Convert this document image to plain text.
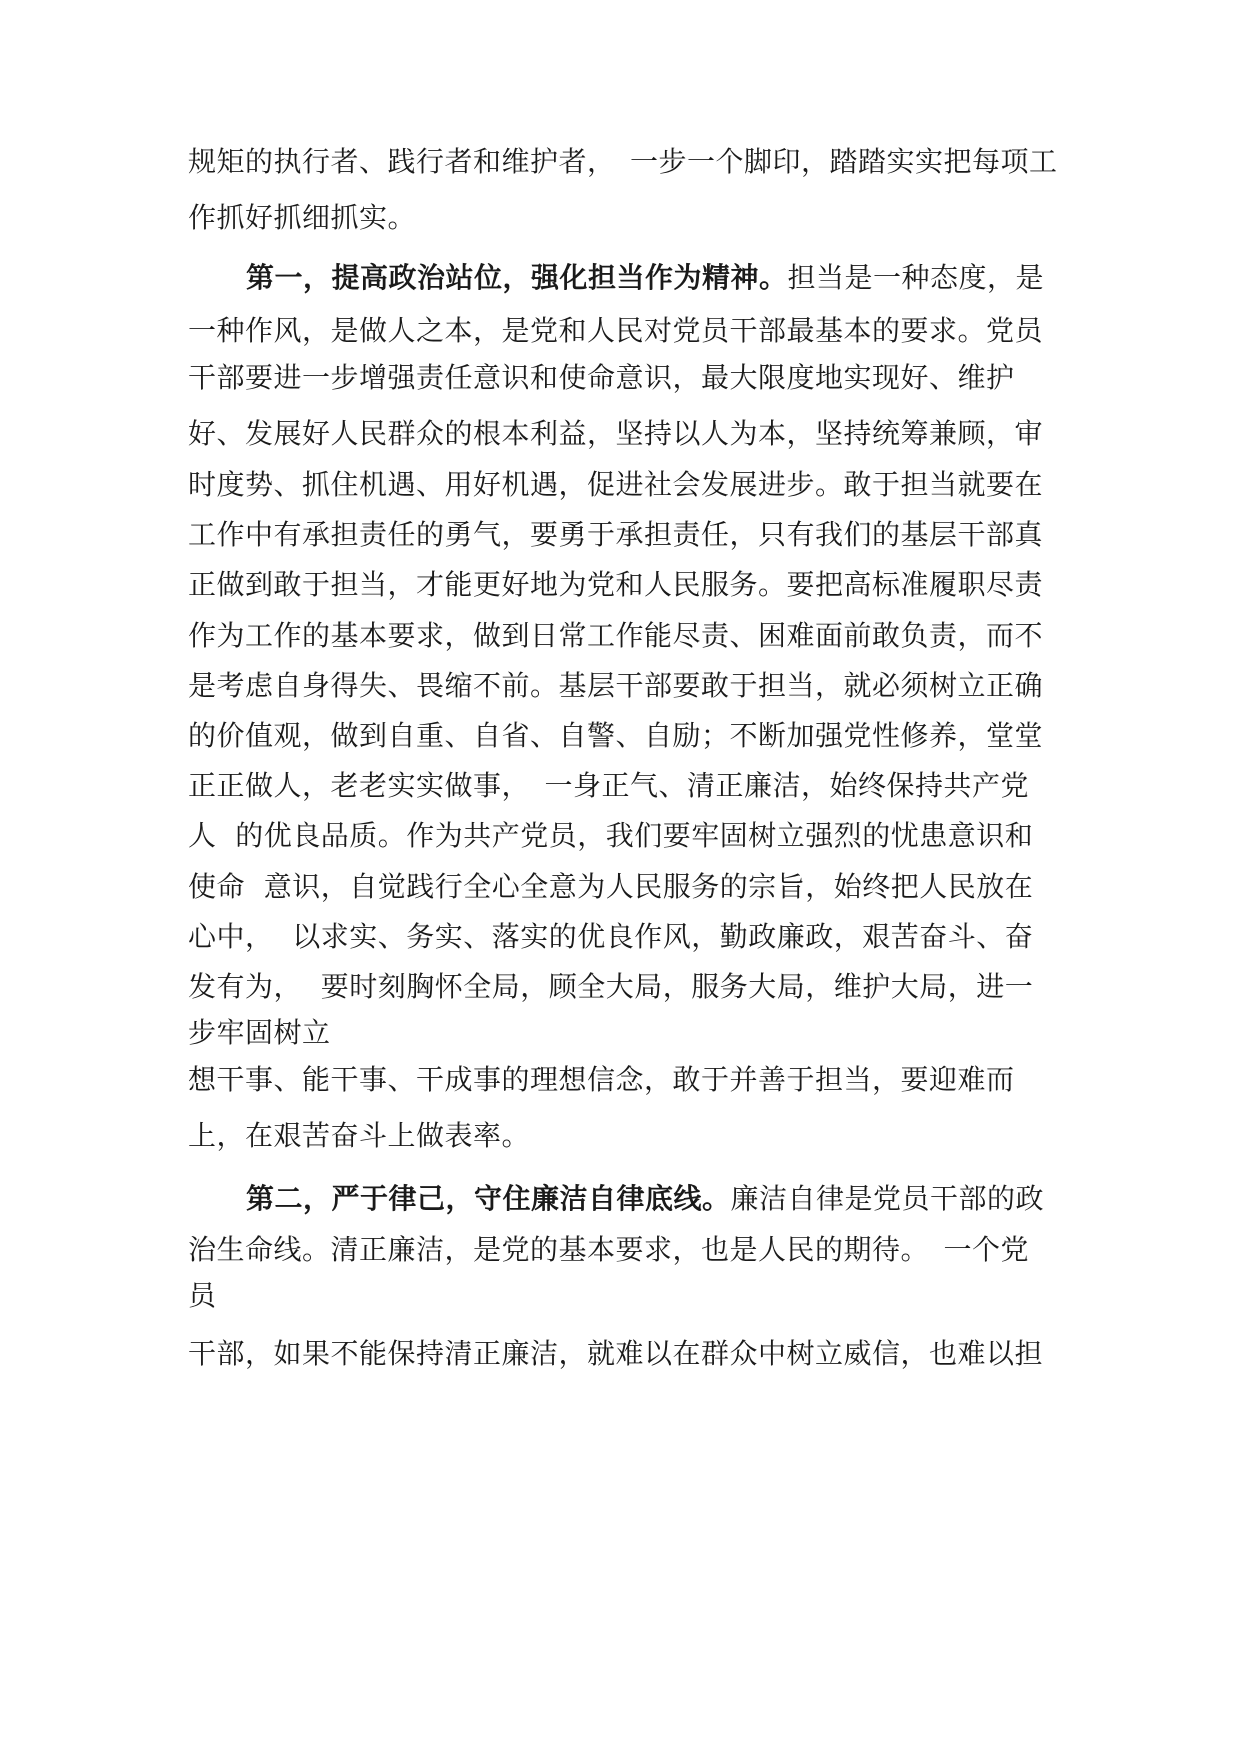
规矩的执行者、践行者和维护者，　一步一个脚印，踏踏实实把每项工

作抓好抓细抓实。

第一，提高政治站位，强化担当作为精神。担当是一种态度，是

一种作风，是做人之本，是党和人民对党员干部最基本的要求。党员

干部要进一步增强责任意识和使命意识，最大限度地实现好、维护

好、发展好人民群众的根本利益，坚持以人为本，坚持统筹兼顾，审

时度势、抓住机遇、用好机遇，促进社会发展进步。敢于担当就要在

工作中有承担责任的勇气，要勇于承担责任，只有我们的基层干部真

正做到敢于担当，才能更好地为党和人民服务。要把高标准履职尽责

作为工作的基本要求，做到日常工作能尽责、困难面前敢负责，而不

是考虑自身得失、畏缩不前。基层干部要敢于担当，就必须树立正确

的价值观，做到自重、自省、自警、自励；不断加强党性修养，堂堂

正正做人，老老实实做事，　一身正气、清正廉洁，始终保持共产党

人  的优良品质。作为共产党员，我们要牢固树立强烈的忧患意识和

使命  意识，自觉践行全心全意为人民服务的宗旨，始终把人民放在

心中，  以求实、务实、落实的优良作风，勤政廉政，艰苦奋斗、奋

发有为，  要时刻胸怀全局，顾全大局，服务大局，维护大局，进一

步牢固树立

想干事、能干事、干成事的理想信念，敢于并善于担当，要迎难而

上，在艰苦奋斗上做表率。

第二，严于律己，守住廉洁自律底线。廉洁自律是党员干部的政

治生命线。清正廉洁，是党的基本要求，也是人民的期待。　一个党

员

干部，如果不能保持清正廉洁，就难以在群众中树立威信，也难以担
